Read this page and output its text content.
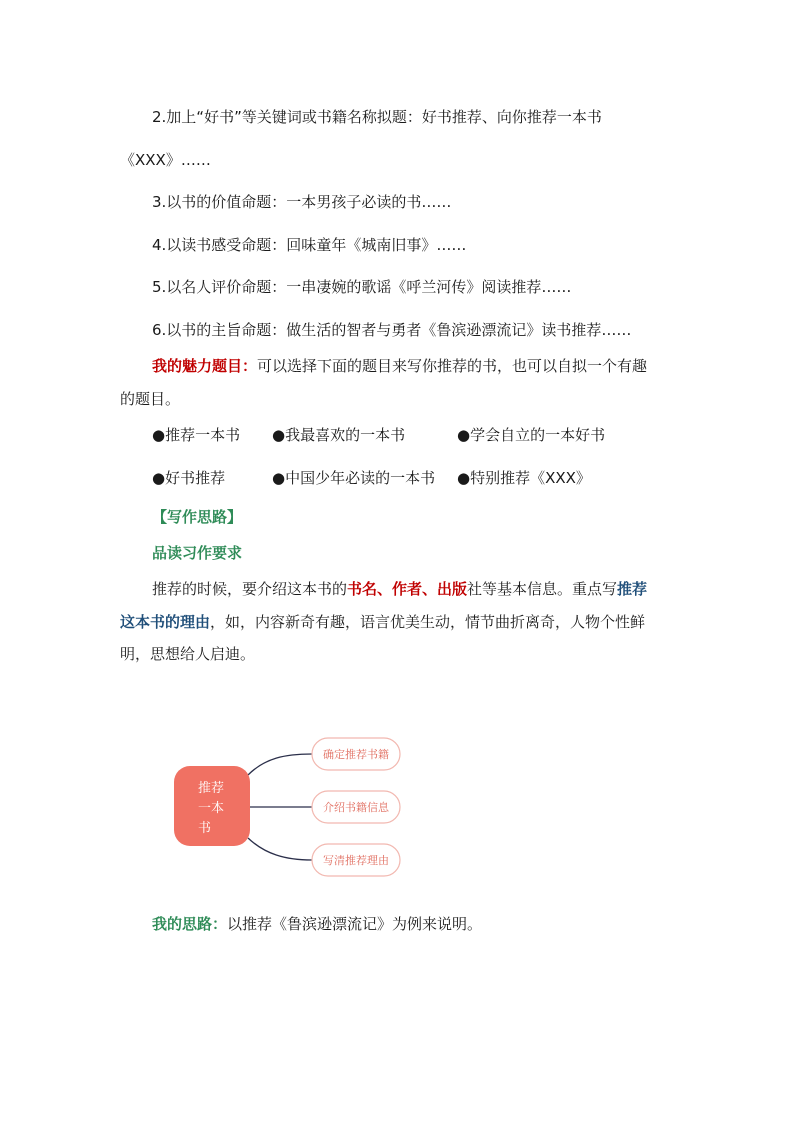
2.加上“好书”等关键词或书籍名称拟题：好书推荐、向你推荐一本书
《XXX》……
3.以书的价值命题：一本男孩子必读的书……
4.以读书感受命题：回味童年《城南旧事》……
5.以名人评价命题：一串凄婉的歌谣《呼兰河传》阅读推荐……
6.以书的主旨命题：做生活的智者与勇者《鲁滨逊漂流记》读书推荐……
我的魅力题目：可以选择下面的题目来写你推荐的书，也可以自拟一个有趣
的题目。
●推荐一本书 ●我最喜欢的一本书	●学会自立的一本好书
●好书推荐	●中国少年必读的一本书 ●特别推荐《XXX》
【写作思路】
品读习作要求
推荐的时候，要介绍这本书的书名、作者、出版社等基本信息。重点写推荐
这本书的理由，如，内容新奇有趣，语言优美生动，情节曲折离奇，人物个性鲜
明，思想给人启迪。
推荐
一本
书
确定推荐书籍
介绍书籍信息
写清推荐理由
我的思路：以推荐《鲁滨逊漂流记》为例来说明。
